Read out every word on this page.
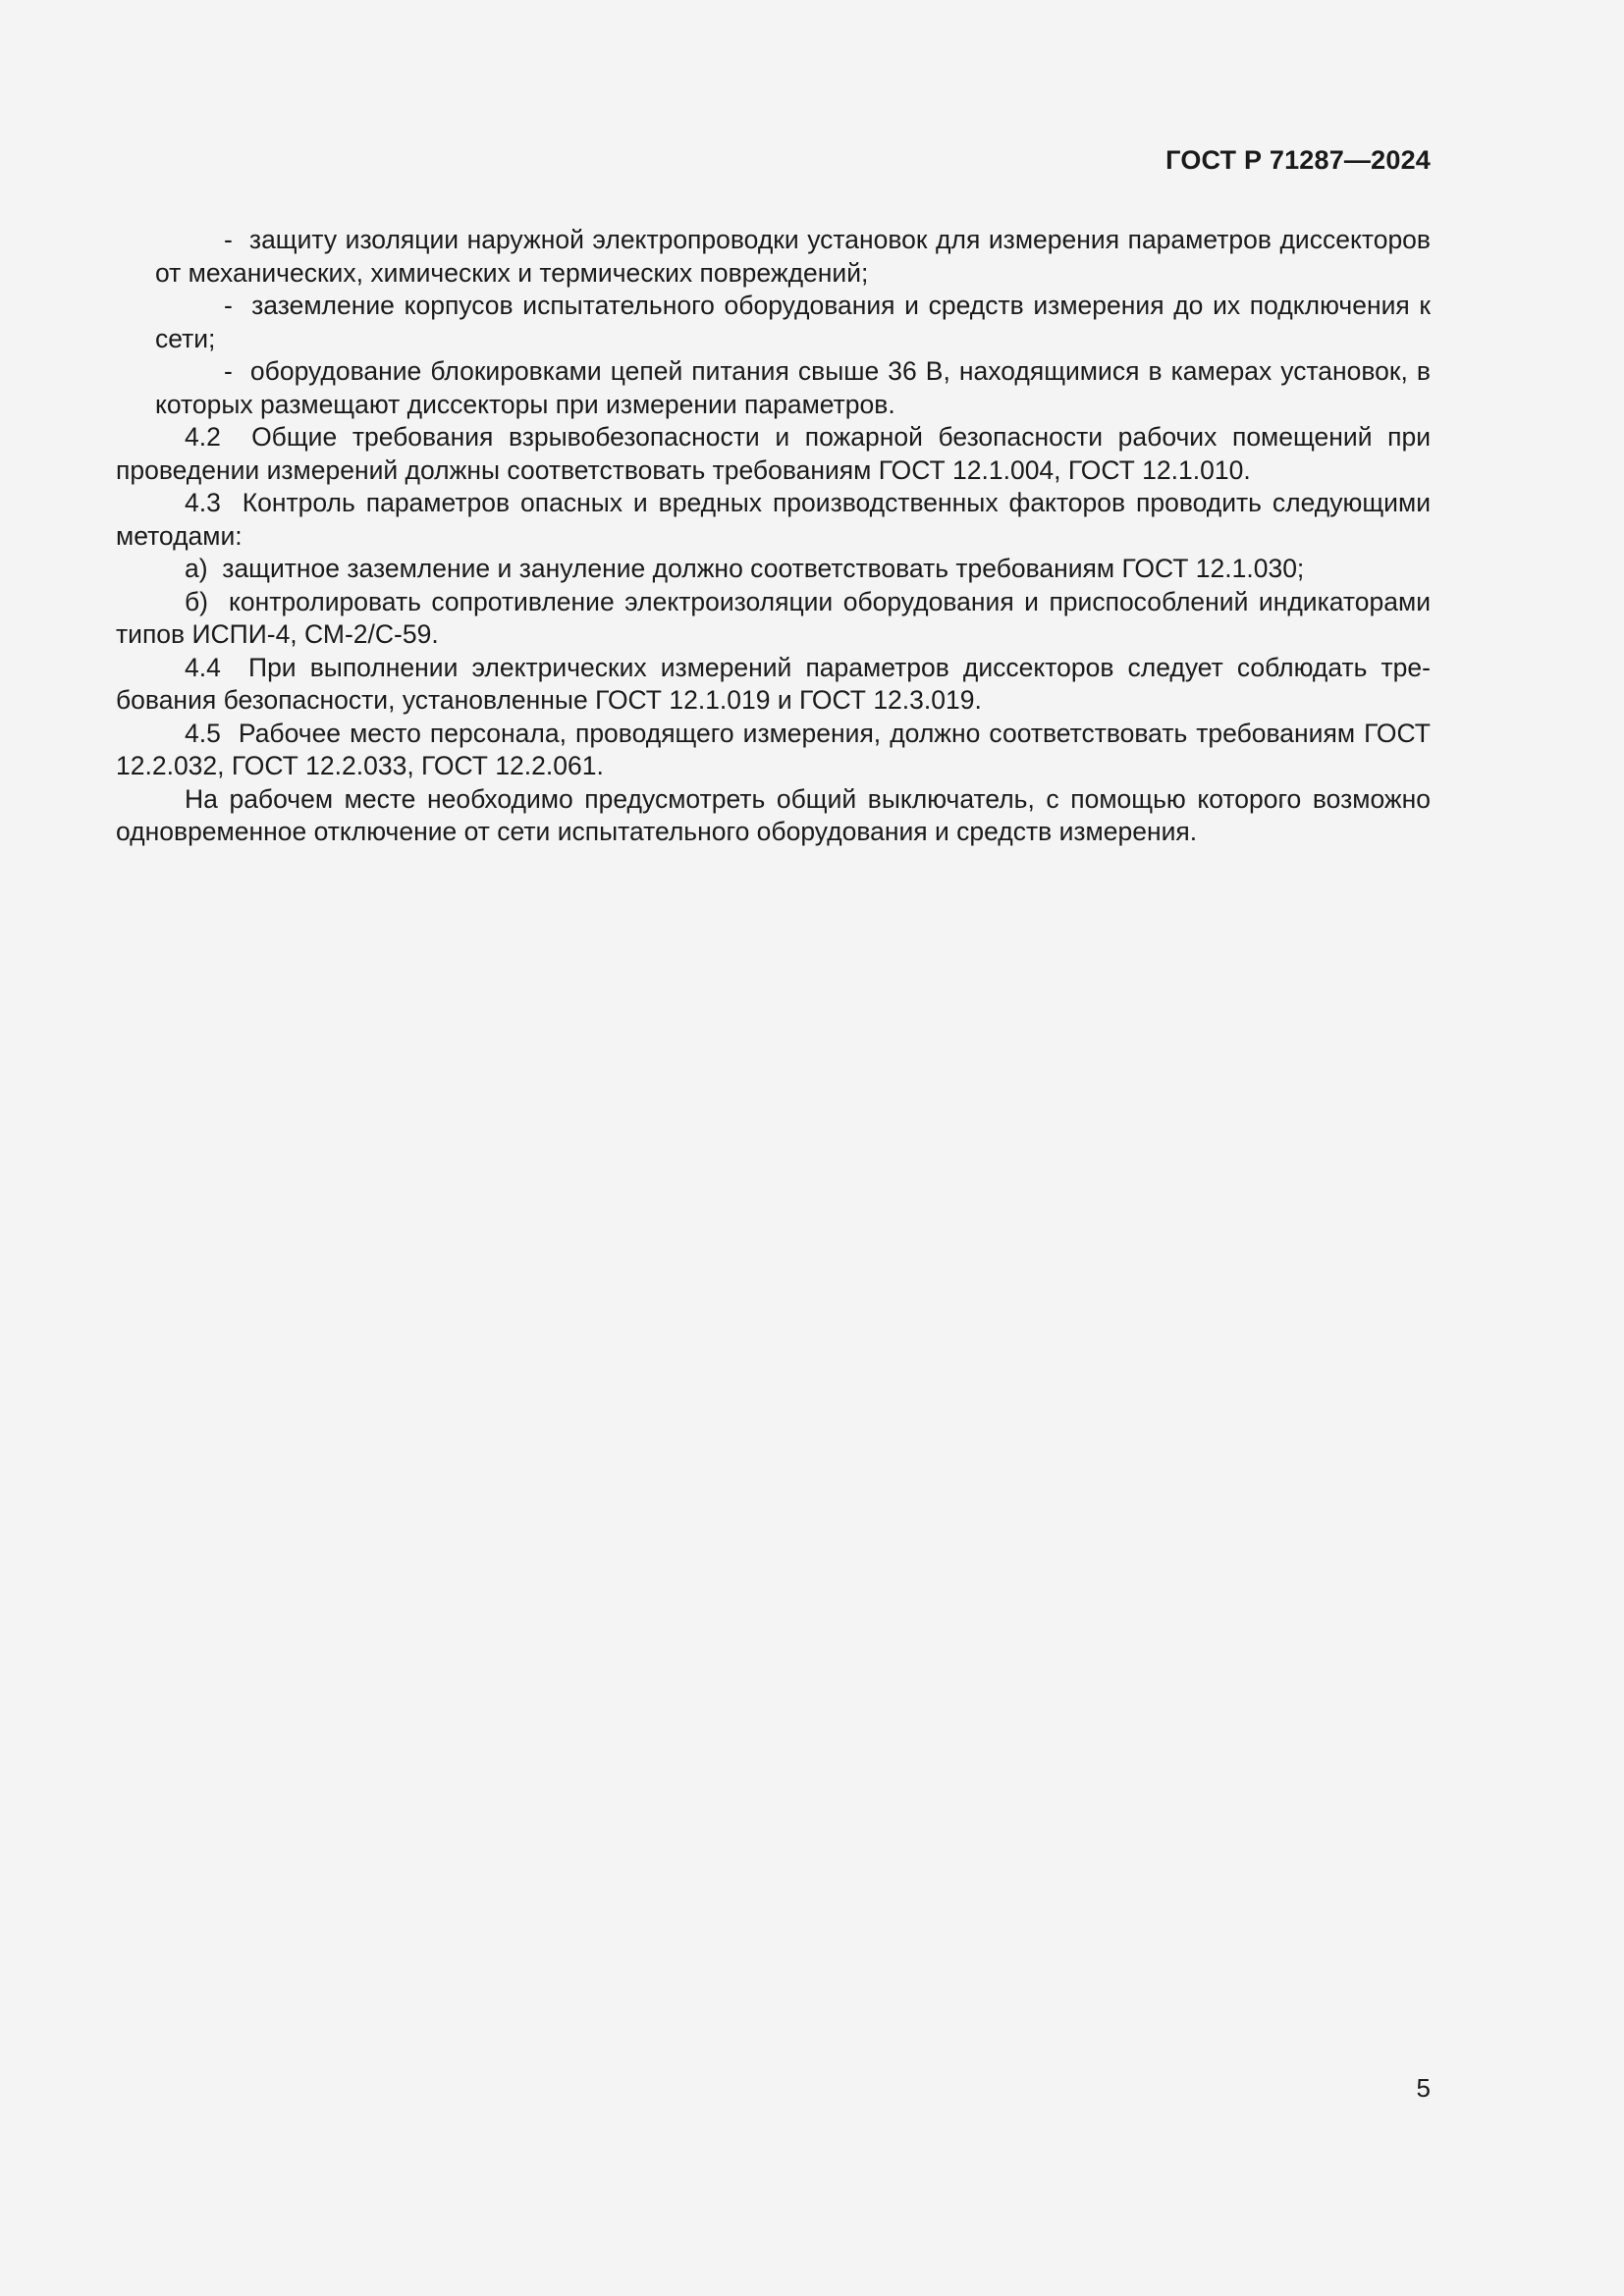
ГОСТ Р 71287—2024

-  защиту изоляции наружной электропроводки установок для измерения параметров диссекторов от механических, химических и термических повреждений;

-  заземление корпусов испытательного оборудования и средств измерения до их подключения к сети;

-  оборудование блокировками цепей питания свыше 36 В, находящимися в камерах установок, в которых размещают диссекторы при измерении параметров.

4.2  Общие требования взрывобезопасности и пожарной безопасности рабочих помещений при проведении измерений должны соответствовать требованиям ГОСТ 12.1.004, ГОСТ 12.1.010.

4.3  Контроль параметров опасных и вредных производственных факторов проводить следующими методами:

а)  защитное заземление и зануление должно соответствовать требованиям ГОСТ 12.1.030;

б)  контролировать сопротивление электроизоляции оборудования и приспособлений индикаторами типов ИСПИ-4, СМ-2/С-59.

4.4  При выполнении электрических измерений параметров диссекторов следует соблюдать требования безопасности, установленные ГОСТ 12.1.019 и ГОСТ 12.3.019.

4.5  Рабочее место персонала, проводящего измерения, должно соответствовать требованиям ГОСТ 12.2.032, ГОСТ 12.2.033, ГОСТ 12.2.061.

На рабочем месте необходимо предусмотреть общий выключатель, с помощью которого возможно одновременное отключение от сети испытательного оборудования и средств измерения.

5
